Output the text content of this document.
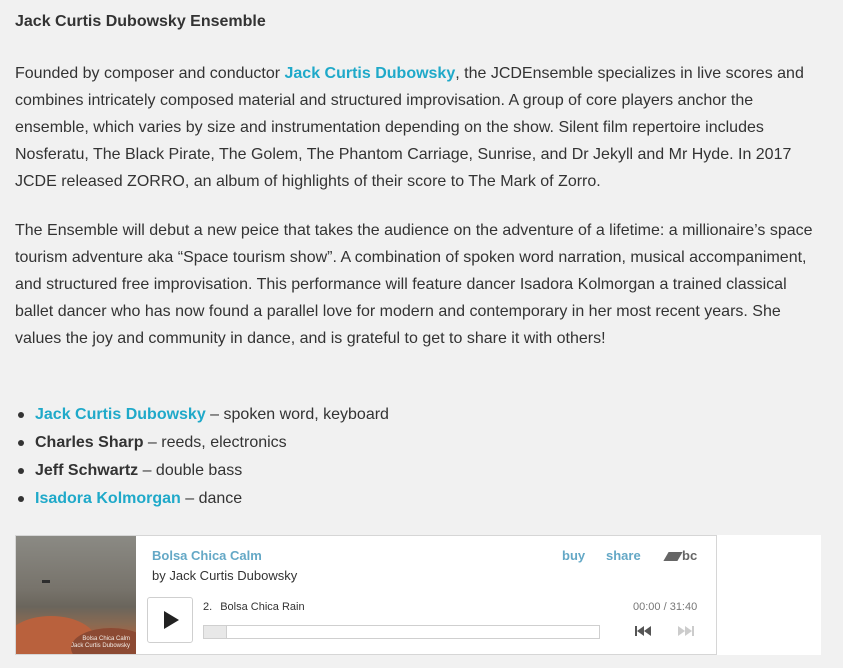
Jack Curtis Dubowsky Ensemble

Founded by composer and conductor Jack Curtis Dubowsky, the JCDEnsemble specializes in live scores and combines intricately composed material and structured improvisation. A group of core players anchor the ensemble, which varies by size and instrumentation depending on the show. Silent film repertoire includes Nosferatu, The Black Pirate, The Golem, The Phantom Carriage, Sunrise, and Dr Jekyll and Mr Hyde. In 2017 JCDE released ZORRO, an album of highlights of their score to The Mark of Zorro.

The Ensemble will debut a new peice that takes the audience on the adventure of a lifetime: a millionaire’s space tourism adventure aka “Space tourism show”. A combination of spoken word narration, musical accompaniment, and structured free improvisation. This performance will feature dancer Isadora Kolmorgan a trained classical ballet dancer who has now found a parallel love for modern and contemporary in her most recent years. She values the joy and community in dance, and is grateful to get to share it with others!

Jack Curtis Dubowsky – spoken word, keyboard
Charles Sharp – reeds, electronics
Jeff Schwartz – double bass
Isadora Kolmorgan – dance
Bolsa Chica Calm
Jack Curtis Dubowsky
Bolsa Chica Calm
by Jack Curtis Dubowsky
buy share	bc
2. Bolsa Chica Rain	00:00 / 31:40
